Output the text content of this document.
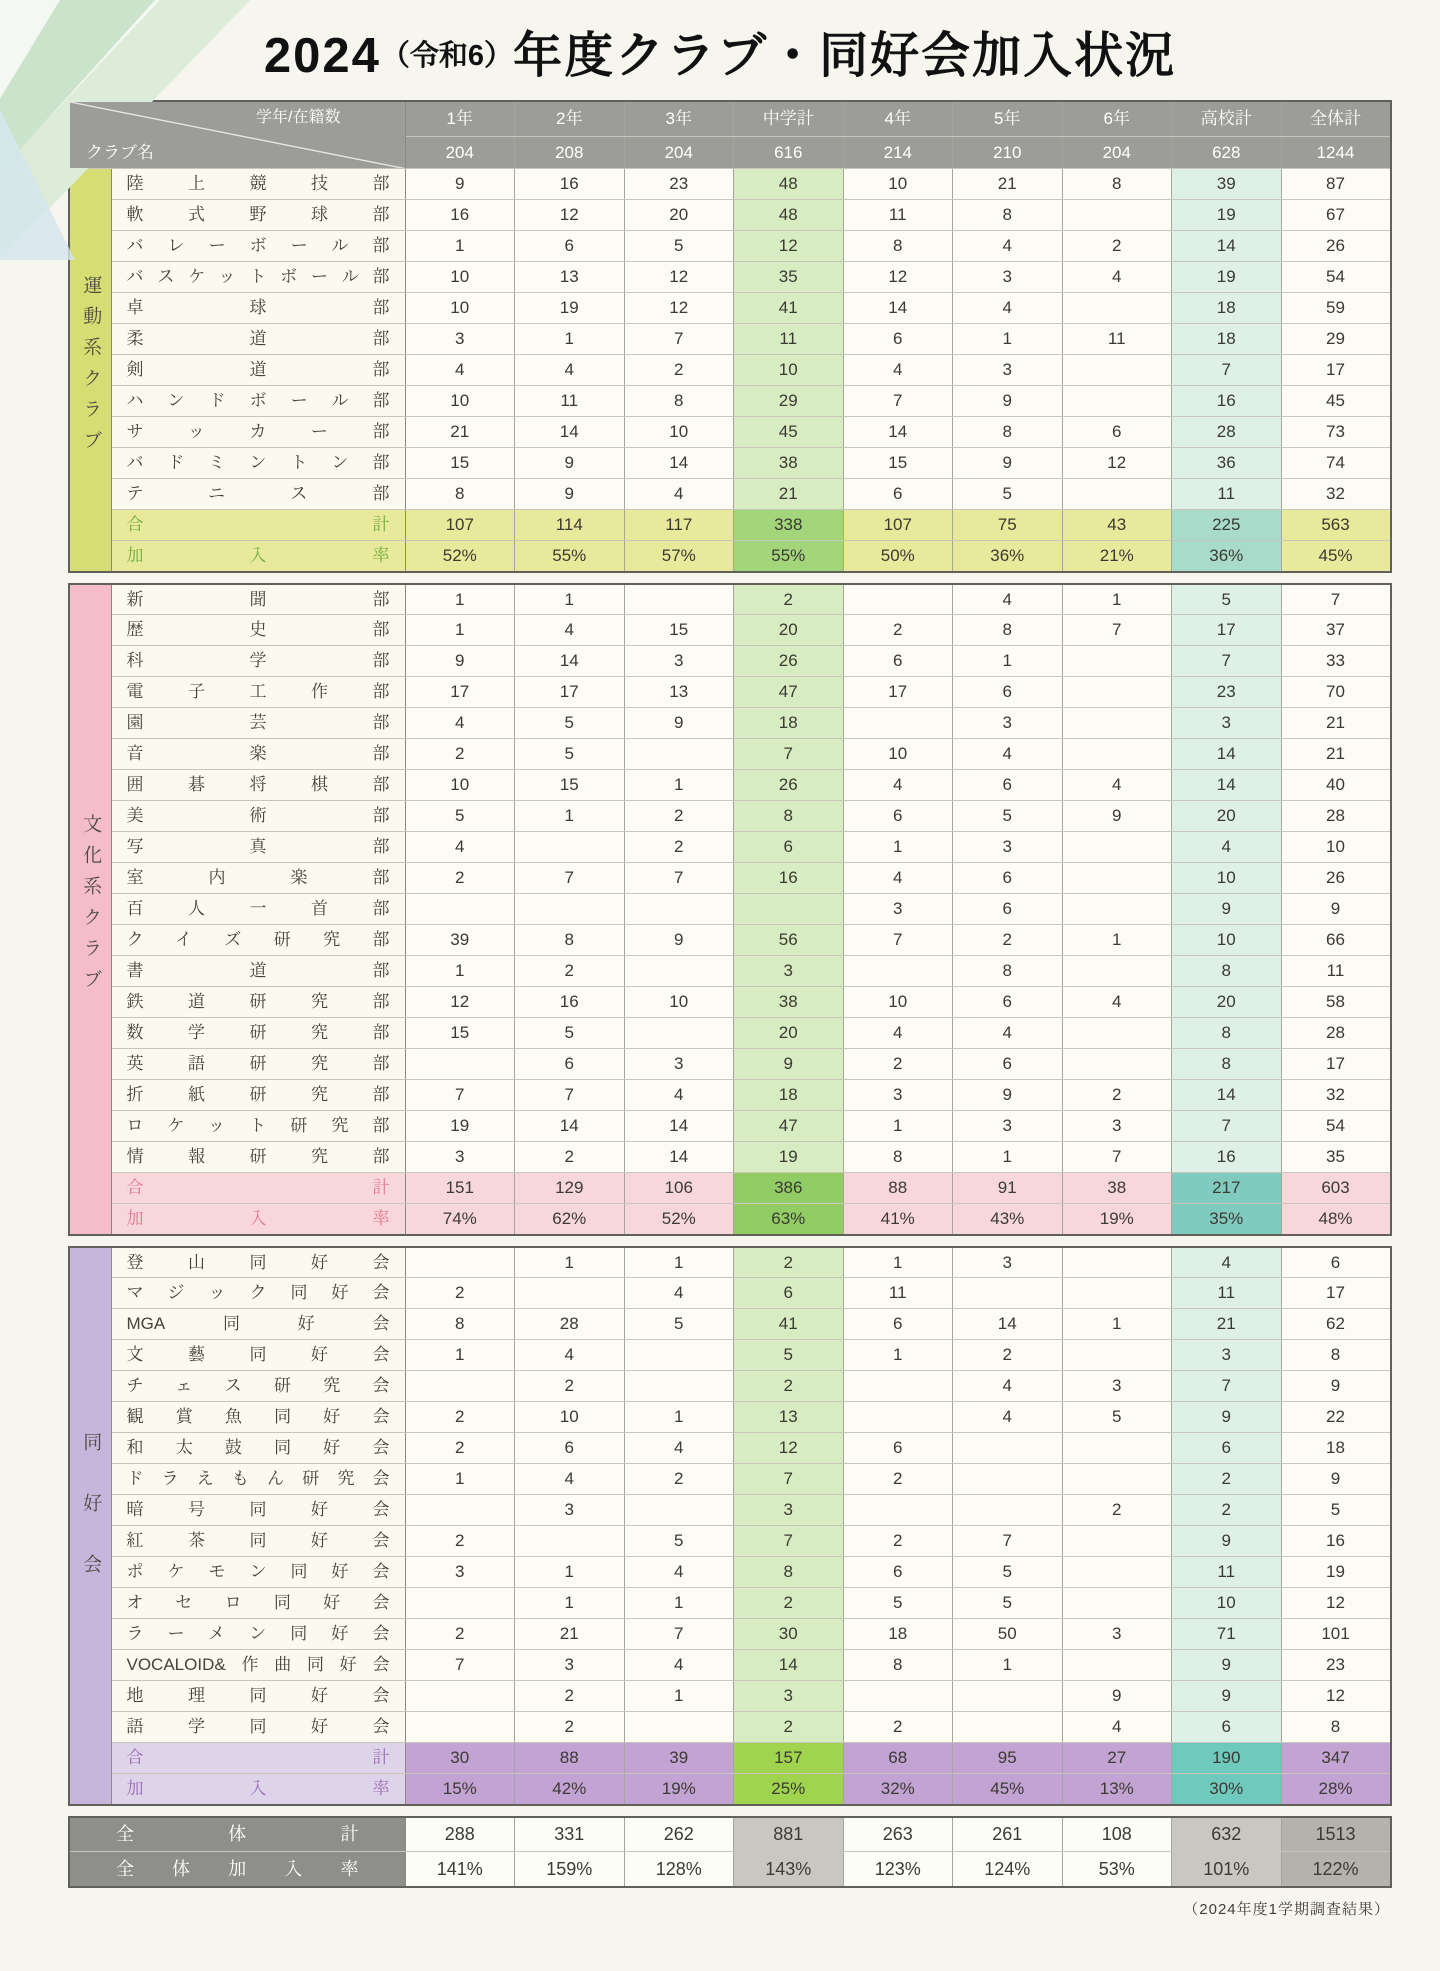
2024（令和6）年度クラブ・同好会加入状況
学年/在籍数
クラブ名		1年	2年	3年	中学計	4年	5年	6年	高校計	全体計
		204	208	204	616	214	210	204	628	1244
運動系クラブ	陸上競技部	9	16	23	48	10	21	8	39	87
	軟式野球部	16	12	20	48	11	8		19	67
	バレーボール部	1	6	5	12	8	4	2	14	26
	バスケットボール部	10	13	12	35	12	3	4	19	54
	卓球部	10	19	12	41	14	4		18	59
	柔道部	3	1	7	11	6	1	11	18	29
	剣道部	4	4	2	10	4	3		7	17
	ハンドボール部	10	11	8	29	7	9		16	45
	サッカー部	21	14	10	45	14	8	6	28	73
	バドミントン部	15	9	14	38	15	9	12	36	74
	テニス部	8	9	4	21	6	5		11	32
	合計	107	114	117	338	107	75	43	225	563
	加入率	52%	55%	57%	55%	50%	36%	21%	36%	45%
文化系クラブ	新聞部	1	1		2		4	1	5	7
	歴史部	1	4	15	20	2	8	7	17	37
	科学部	9	14	3	26	6	1		7	33
	電子工作部	17	17	13	47	17	6		23	70
	園芸部	4	5	9	18		3		3	21
	音楽部	2	5		7	10	4		14	21
	囲碁将棋部	10	15	1	26	4	6	4	14	40
	美術部	5	1	2	8	6	5	9	20	28
	写真部	4		2	6	1	3		4	10
	室内楽部	2	7	7	16	4	6		10	26
	百人一首部					3	6		9	9
	クイズ研究部	39	8	9	56	7	2	1	10	66
	書道部	1	2		3		8		8	11
	鉄道研究部	12	16	10	38	10	6	4	20	58
	数学研究部	15	5		20	4	4		8	28
	英語研究部		6	3	9	2	6		8	17
	折紙研究部	7	7	4	18	3	9	2	14	32
	ロケット研究部	19	14	14	47	1	3	3	7	54
	情報研究部	3	2	14	19	8	1	7	16	35
	合計	151	129	106	386	88	91	38	217	603
	加入率	74%	62%	52%	63%	41%	43%	19%	35%	48%
同好会	登山同好会		1	1	2	1	3		4	6
	マジック同好会	2		4	6	11			11	17
	MGA同好会	8	28	5	41	6	14	1	21	62
	文藝同好会	1	4		5	1	2		3	8
	チェス研究会		2		2		4	3	7	9
	観賞魚同好会	2	10	1	13		4	5	9	22
	和太鼓同好会	2	6	4	12	6			6	18
	ドラえもん研究会	1	4	2	7	2			2	9
	暗号同好会		3		3			2	2	5
	紅茶同好会	2		5	7	2	7		9	16
	ポケモン同好会	3	1	4	8	6	5		11	19
	オセロ同好会		1	1	2	5	5		10	12
	ラーメン同好会	2	21	7	30	18	50	3	71	101
	VOCALOID&作曲同好会	7	3	4	14	8	1		9	23
	地理同好会		2	1	3			9	9	12
	語学同好会		2		2	2		4	6	8
	合計	30	88	39	157	68	95	27	190	347
	加入率	15%	42%	19%	25%	32%	45%	13%	30%	28%
全体計	288	331	262	881	263	261	108	632	1513
全体加入率	141%	159%	128%	143%	123%	124%	53%	101%	122%
（2024年度1学期調査結果）
